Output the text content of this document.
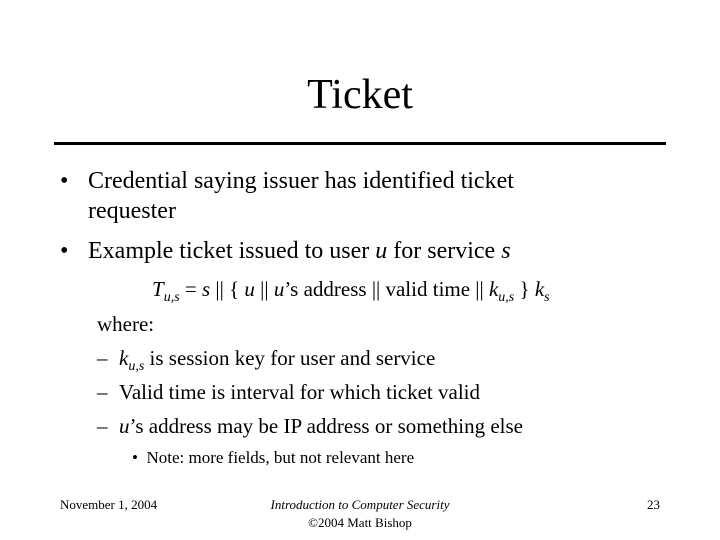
Ticket
• Credential saying issuer has identified ticket
requester
• Example ticket issued to user u for service s
$T_{u,s} = s$ || { u || u’s address || valid time || $k_{u,s}$ } $k_s$
where:
– $k_{u,s}$ is session key for user and service
– Valid time is interval for which ticket valid
– u’s address may be IP address or something else
• Note: more fields, but not relevant here
November 1, 2004	Introduction to Computer Security
©2004 Matt Bishop
23
